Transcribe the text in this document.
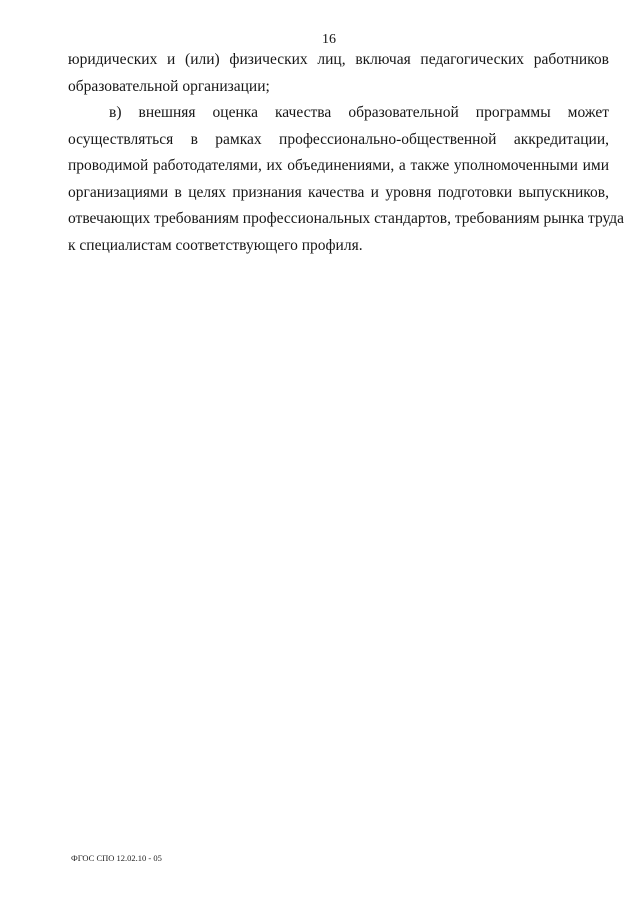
16
юридических и (или) физических лиц, включая педагогических работников
образовательной организации;
в) внешняя оценка качества образовательной программы может
осуществляться в рамках профессионально-общественной аккредитации,
проводимой работодателями, их объединениями, а также уполномоченными ими
организациями в целях признания качества и уровня подготовки выпускников,
отвечающих требованиям профессиональных стандартов, требованиям рынка труда
к специалистам соответствующего профиля.
ФГОС СПО 12.02.10 - 05
